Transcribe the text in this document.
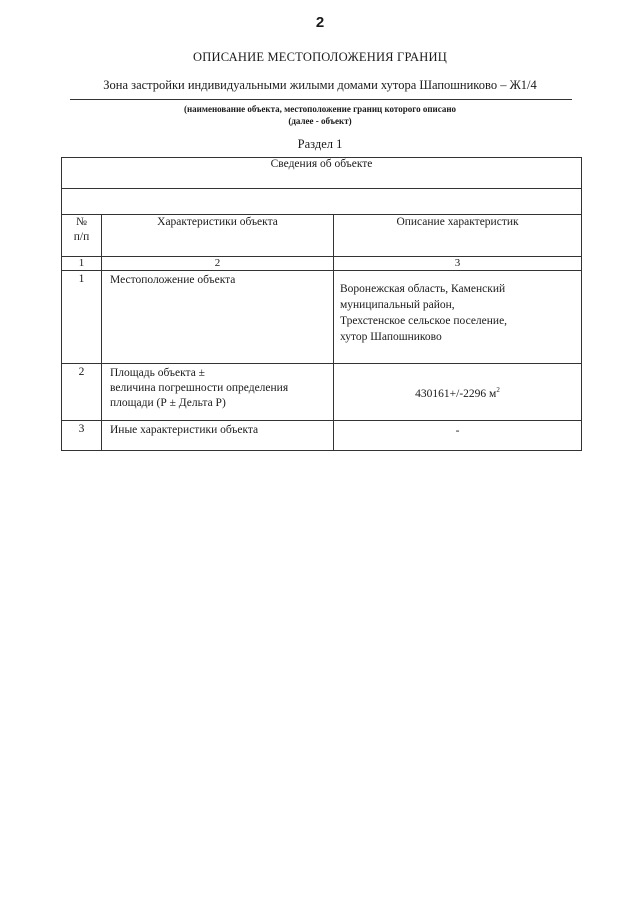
2
ОПИСАНИЕ МЕСТОПОЛОЖЕНИЯ ГРАНИЦ
Зона застройки индивидуальными жилыми домами хутора Шапошниково – Ж1/4
(наименование объекта, местоположение границ которого описано
(далее - объект)
Раздел 1
Сведения об объекте		

№
п/п	Характеристики объекта	Описание характеристик
1	2	3
1	Местоположение объекта	Воронежская область, Каменский
муниципальный район,
Трехстенское сельское поселение,
хутор Шапошниково

2	Площадь объекта ±
величина погрешности определения
площади (Р ± Дельта Р)	430161+/-2296 $м^2$
3	Иные характеристики объекта	-
